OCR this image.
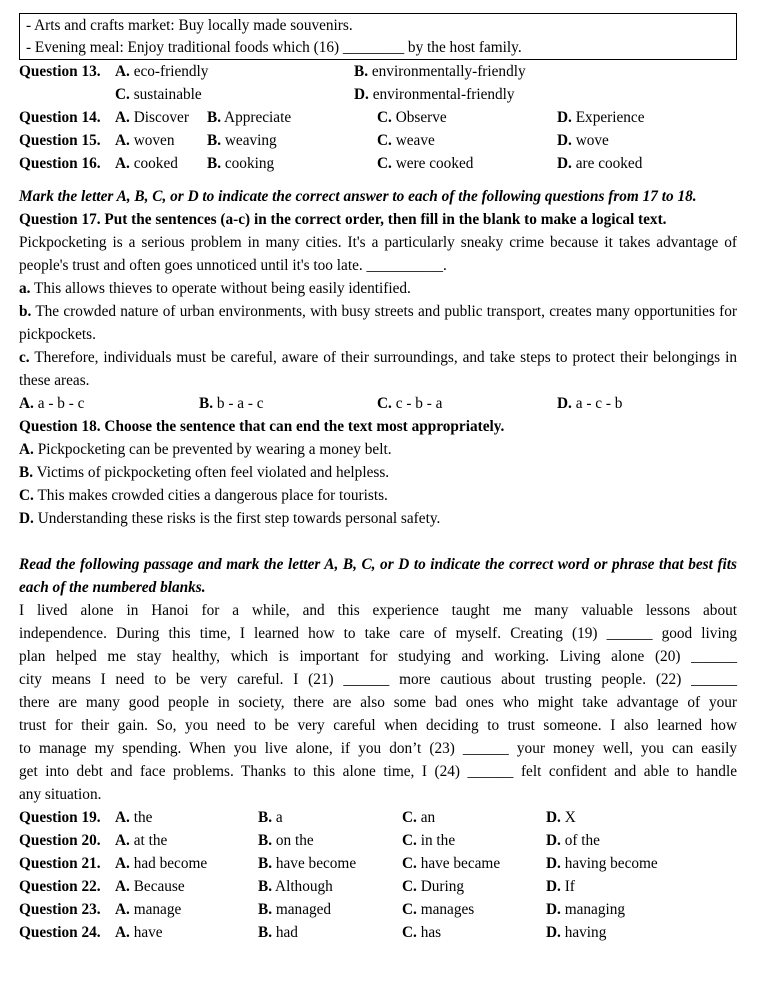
- Arts and crafts market: Buy locally made souvenirs.
- Evening meal: Enjoy traditional foods which (16) ________ by the host family.
Question 13. A. eco-friendly	B. environmentally-friendly
C. sustainable	D. environmental-friendly
Question 14. A. Discover B. Appreciate	C. Observe	D. Experience
Question 15. A. woven B. weaving	C. weave	D. wove
Question 16. A. cooked B. cooking	C. were cooked	D. are cooked
Mark the letter A, B, C, or D to indicate the correct answer to each of the following questions from 17 to 18.
Question 17. Put the sentences (a-c) in the correct order, then fill in the blank to make a logical text.
Pickpocketing is a serious problem in many cities. It's a particularly sneaky crime because it takes advantage of people's trust and often goes unnoticed until it's too late. __________.
a. This allows thieves to operate without being easily identified.
b. The crowded nature of urban environments, with busy streets and public transport, creates many opportunities for pickpockets.
c. Therefore, individuals must be careful, aware of their surroundings, and take steps to protect their belongings in these areas.
A. a - b - c	B. b - a - c	C. c - b - a	D. a - c - b
Question 18. Choose the sentence that can end the text most appropriately.
A. Pickpocketing can be prevented by wearing a money belt.
B. Victims of pickpocketing often feel violated and helpless.
C. This makes crowded cities a dangerous place for tourists.
D. Understanding these risks is the first step towards personal safety.
Read the following passage and mark the letter A, B, C, or D to indicate the correct word or phrase that best fits each of the numbered blanks.
I lived alone in Hanoi for a while, and this experience taught me many valuable lessons about
independence. During this time, I learned how to take care of myself. Creating (19) ______ good living
plan helped me stay healthy, which is important for studying and working. Living alone (20) ______
city means I need to be very careful. I (21) ______ more cautious about trusting people. (22) ______
there are many good people in society, there are also some bad ones who might take advantage of your
trust for their gain. So, you need to be very careful when deciding to trust someone. I also learned how
to manage my spending. When you live alone, if you don’t (23) ______ your money well, you can easily
get into debt and face problems. Thanks to this alone time, I (24) ______ felt confident and able to handle
any situation.
Question 19. A. the	B. a	C. an	D. X
Question 20. A. at the	B. on the	C. in the	D. of the
Question 21. A. had become	B. have become	C. have became	D. having become
Question 22. A. Because	B. Although	C. During	D. If
Question 23. A. manage	B. managed	C. manages	D. managing
Question 24. A. have	B. had	C. has	D. having
